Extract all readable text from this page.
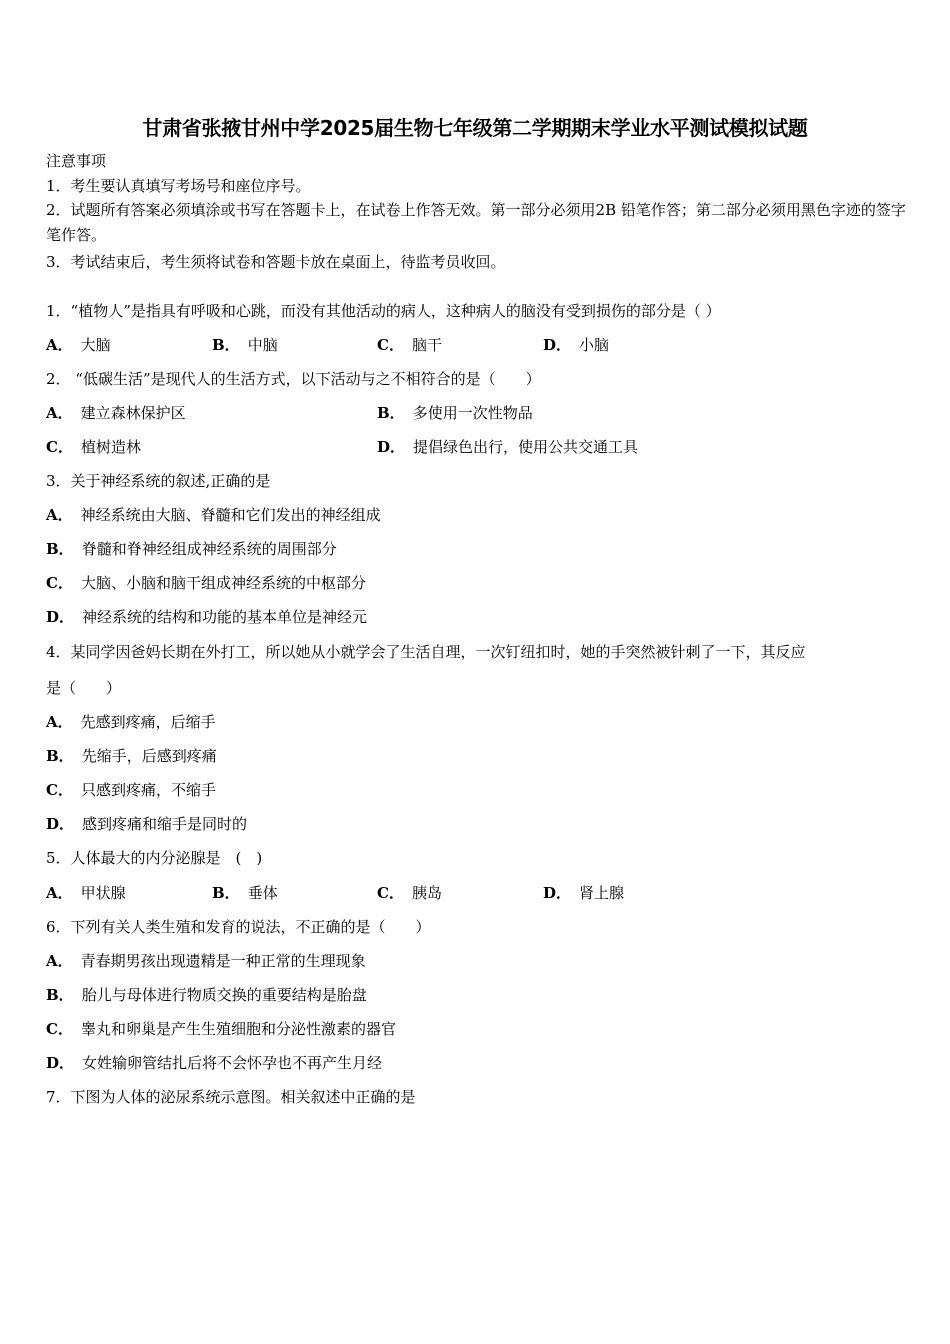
甘肃省张掖甘州中学2025届生物七年级第二学期期末学业水平测试模拟试题
注意事项
1．考生要认真填写考场号和座位序号。
2．试题所有答案必须填涂或书写在答题卡上，在试卷上作答无效。第一部分必须用2B 铅笔作答；第二部分必须用黑色字迹的签字笔作答。
3．考试结束后，考生须将试卷和答题卡放在桌面上，待监考员收回。
1．“植物人”是指具有呼吸和心跳，而没有其他活动的病人，这种病人的脑没有受到损伤的部分是（ ）
A． 大脑	B． 中脑	C． 脑干	D． 小脑
2． “低碳生活”是现代人的生活方式，以下活动与之不相符合的是（　　）
A． 建立森林保护区	B． 多使用一次性物品
C． 植树造林	D． 提倡绿色出行，使用公共交通工具
3．关于神经系统的叙述,正确的是
A． 神经系统由大脑、脊髓和它们发出的神经组成
B． 脊髓和脊神经组成神经系统的周围部分
C． 大脑、小脑和脑干组成神经系统的中枢部分
D． 神经系统的结构和功能的基本单位是神经元
4．某同学因爸妈长期在外打工，所以她从小就学会了生活自理，一次钉纽扣时，她的手突然被针刺了一下，其反应
是（　　）
A． 先感到疼痛，后缩手
B． 先缩手，后感到疼痛
C． 只感到疼痛，不缩手
D． 感到疼痛和缩手是同时的
5．人体最大的内分泌腺是　(　)
A． 甲状腺	B． 垂体	C． 胰岛	D． 肾上腺
6．下列有关人类生殖和发育的说法，不正确的是（　　）
A． 青春期男孩出现遗精是一种正常的生理现象
B． 胎儿与母体进行物质交换的重要结构是胎盘
C． 睾丸和卵巢是产生生殖细胞和分泌性激素的器官
D． 女姓输卵管结扎后将不会怀孕也不再产生月经
7．下图为人体的泌尿系统示意图。相关叙述中正确的是
